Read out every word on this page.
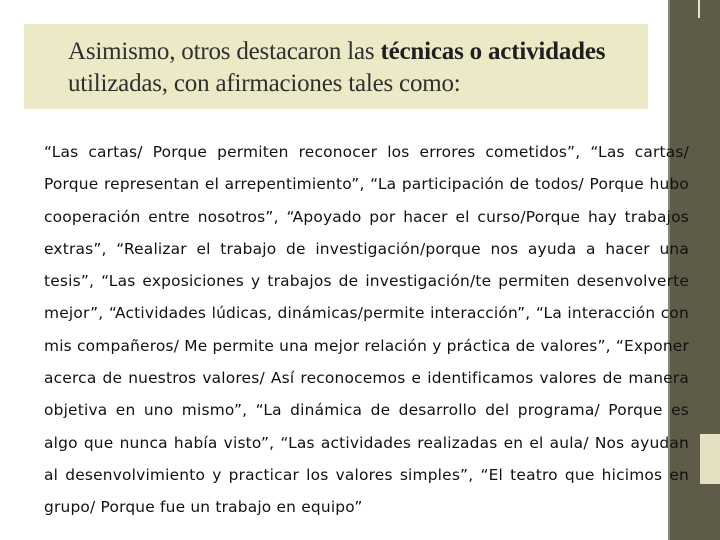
Asimismo, otros destacaron las técnicas o actividades utilizadas, con afirmaciones tales como:
“Las cartas/ Porque permiten reconocer los errores cometidos”, “Las cartas/ Porque representan el arrepentimiento”, “La participación de todos/ Porque hubo cooperación entre nosotros”, “Apoyado por hacer el curso/Porque hay trabajos extras”, “Realizar el trabajo de investigación/porque nos ayuda a hacer una tesis”, “Las exposiciones y trabajos de investigación/te permiten desenvolverte mejor”, “Actividades lúdicas, dinámicas/permite interacción”, “La interacción con mis compañeros/ Me permite una mejor relación y práctica de valores”, “Exponer acerca de nuestros valores/ Así reconocemos e identificamos valores de manera objetiva en uno mismo”, “La dinámica de desarrollo del programa/ Porque es algo que nunca había visto”, “Las actividades realizadas en el aula/ Nos ayudan al desenvolvimiento y practicar los valores simples”, “El teatro que hicimos en grupo/ Porque fue un trabajo en equipo”
